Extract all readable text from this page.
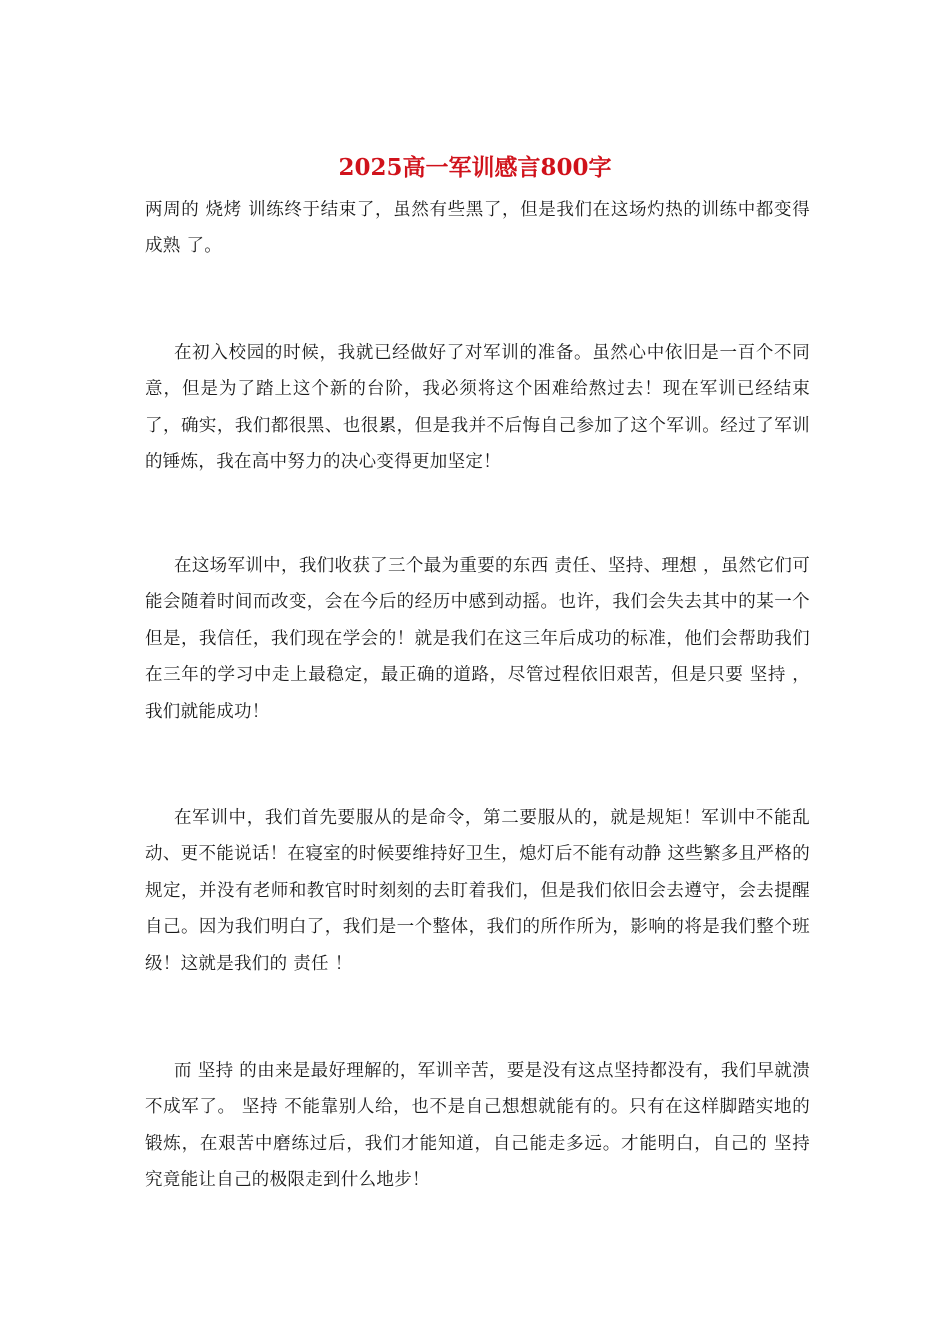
2025高一军训感言800字

两周的 烧烤 训练终于结束了，虽然有些黑了，但是我们在这场灼热的训练中都变得 成熟 了。

在初入校园的时候，我就已经做好了对军训的准备。虽然心中依旧是一百个不同意，但是为了踏上这个新的台阶，我必须将这个困难给熬过去！现在军训已经结束了，确实，我们都很黑、也很累，但是我并不后悔自己参加了这个军训。经过了军训的锤炼，我在高中努力的决心变得更加坚定！

在这场军训中，我们收获了三个最为重要的东西 责任、坚持、理想 ，虽然它们可能会随着时间而改变，会在今后的经历中感到动摇。也许，我们会失去其中的某一个 但是，我信任，我们现在学会的！就是我们在这三年后成功的标准，他们会帮助我们在三年的学习中走上最稳定，最正确的道路，尽管过程依旧艰苦，但是只要 坚持 ，我们就能成功！

在军训中，我们首先要服从的是命令，第二要服从的，就是规矩！军训中不能乱动、更不能说话！在寝室的时候要维持好卫生，熄灯后不能有动静 这些繁多且严格的规定，并没有老师和教官时时刻刻的去盯着我们，但是我们依旧会去遵守，会去提醒自己。因为我们明白了，我们是一个整体，我们的所作所为，影响的将是我们整个班级！这就是我们的 责任 ！

而 坚持 的由来是最好理解的，军训辛苦，要是没有这点坚持都没有，我们早就溃不成军了。 坚持 不能靠别人给，也不是自己想想就能有的。只有在这样脚踏实地的锻炼，在艰苦中磨练过后，我们才能知道，自己能走多远。才能明白，自己的 坚持 究竟能让自己的极限走到什么地步！
